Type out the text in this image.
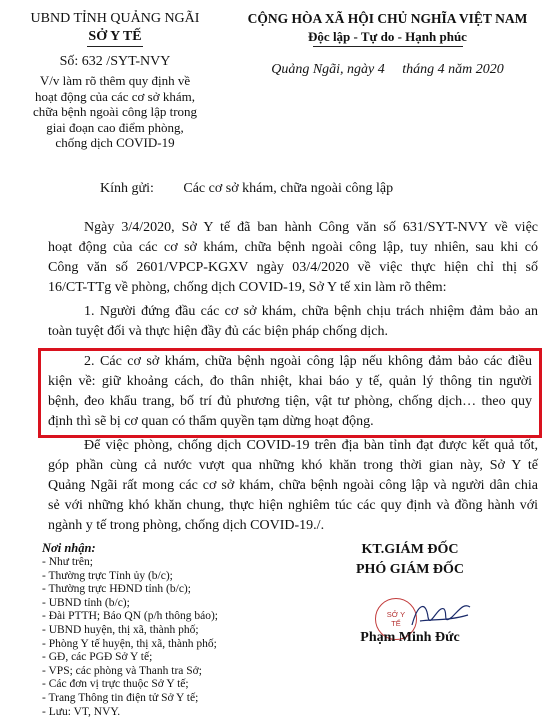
UBND TỈNH QUẢNG NGÃI
SỞ Y TẾ
Số: 632 /SYT-NVY
V/v làm rõ thêm quy định về
hoạt động của các cơ sở khám,
chữa bệnh ngoài công lập trong
giai đoạn cao điểm phòng,
chống dịch COVID-19
CỘNG HÒA XÃ HỘI CHỦ NGHĨA VIỆT NAM
Độc lập - Tự do - Hạnh phúc
Quảng Ngãi, ngày 4     tháng 4 năm 2020
Kính gửi: Các cơ sở khám, chữa ngoài công lập
Ngày 3/4/2020, Sở Y tế đã ban hành Công văn số 631/SYT-NVY về việc
hoạt động của các cơ sở khám, chữa bệnh ngoài công lập, tuy nhiên, sau khi có
Công văn số 2601/VPCP-KGXV ngày 03/4/2020 về việc thực hiện chỉ thị số
16/CT-TTg về phòng, chống dịch COVID-19, Sở Y tế xin làm rõ thêm:
1. Người đứng đầu các cơ sở khám, chữa bệnh chịu trách nhiệm đảm bảo an
toàn tuyệt đối và thực hiện đầy đủ các biện pháp chống dịch.
2. Các cơ sở khám, chữa bệnh ngoài công lập nếu không đảm bảo các điều
kiện về: giữ khoảng cách, đo thân nhiệt, khai báo y tế, quản lý thông tin người
bệnh, đeo khẩu trang, bố trí đủ phương tiện, vật tư phòng, chống dịch… theo quy
định thì sẽ bị cơ quan có thẩm quyền tạm dừng hoạt động.
Để việc phòng, chống dịch COVID-19 trên địa bàn tỉnh đạt được kết quả tốt,
góp phần cùng cả nước vượt qua những khó khăn trong thời gian này, Sở Y tế
Quảng Ngãi rất mong các cơ sở khám, chữa bệnh ngoài công lập và người dân chia
sẻ với những khó khăn chung, thực hiện nghiêm túc các quy định và đồng hành với
ngành y tế trong phòng, chống dịch COVID-19./.
Nơi nhận:
- Như trên;
- Thường trực Tỉnh ủy (b/c);
- Thường trực HĐND tỉnh (b/c);
- UBND tỉnh (b/c);
- Đài PTTH; Báo QN (p/h thông báo);
- UBND huyện, thị xã, thành phố;
- Phòng Y tế huyện, thị xã, thành phố;
- GĐ, các PGĐ Sở Y tế;
- VPS; các phòng và Thanh tra Sở;
- Các đơn vị trực thuộc Sở Y tế;
- Trang Thông tin điện tử Sở Y tế;
- Lưu: VT, NVY.
KT.GIÁM ĐỐC
PHÓ GIÁM ĐỐC
SỞ Y TẾ
Phạm Minh Đức
